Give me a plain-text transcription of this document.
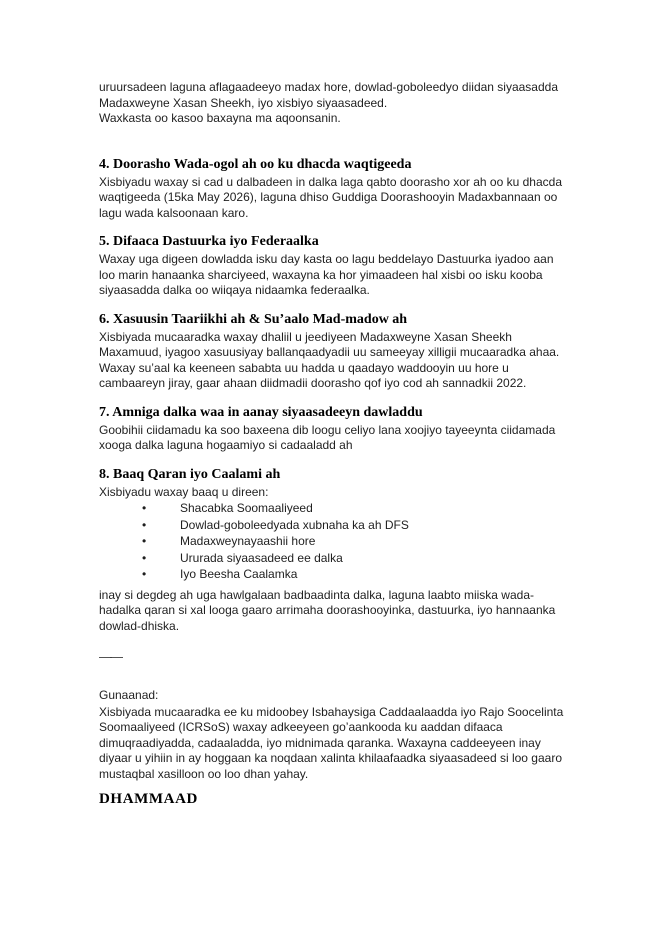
uruursadeen laguna aflagaadeeyo madax hore, dowlad-goboleedyo diidan siyaasadda Madaxweyne Xasan Sheekh, iyo xisbiyo siyaasadeed.

Waxkasta oo kasoo baxayna ma aqoonsanin.

4. Doorasho Wada-ogol ah oo ku dhacda waqtigeeda

Xisbiyadu waxay si cad u dalbadeen in dalka laga qabto doorasho xor ah oo ku dhacda waqtigeeda (15ka May 2026), laguna dhiso Guddiga Doorashooyin Madaxbannaan oo lagu wada kalsoonaan karo.

5. Difaaca Dastuurka iyo Federaalka

Waxay uga digeen dowladda isku day kasta oo lagu beddelayo Dastuurka iyadoo aan loo marin hanaanka sharciyeed, waxayna ka hor yimaadeen hal xisbi oo isku kooba siyaasadda dalka oo wiiqaya nidaamka federaalka.

6. Xasuusin Taariikhi ah & Su’aalo Mad-madow ah

Xisbiyada mucaaradka waxay dhaliil u jeediyeen Madaxweyne Xasan Sheekh Maxamuud, iyagoo xasuusiyay ballanqaadyadii uu sameeyay xilligii mucaaradka ahaa. Waxay su’aal ka keeneen sababta uu hadda u qaadayo waddooyin uu hore u cambaareyn jiray, gaar ahaan diidmadii doorasho qof iyo cod ah sannadkii 2022.

7. Amniga dalka waa in aanay siyaasadeeyn dawladdu

Goobihii ciidamadu ka soo baxeena dib loogu celiyo lana xoojiyo tayeeynta ciidamada xooga dalka laguna hogaamiyo si cadaaladd ah

8. Baaq Qaran iyo Caalami ah

Xisbiyadu waxay baaq u direen:

•	Shacabka Soomaaliyeed
•	Dowlad-goboleedyada xubnaha ka ah DFS
•	Madaxweynayaashii hore
•	Ururada siyaasadeed ee dalka
•	Iyo Beesha Caalamka

inay si degdeg ah uga hawlgalaan badbaadinta dalka, laguna laabto miiska wada-hadalka qaran si xal looga gaaro arrimaha doorashooyinka, dastuurka, iyo hannaanka dowlad-dhiska.

——

Gunaanad:

Xisbiyada mucaaradka ee ku midoobey Isbahaysiga Caddaalaadda iyo Rajo Soocelinta Soomaaliyeed (ICRSoS) waxay adkeeyeen go’aankooda ku aaddan difaaca dimuqraadiyadda, cadaaladda, iyo midnimada qaranka. Waxayna caddeeyeen inay diyaar u yihiin in ay hoggaan ka noqdaan xalinta khilaafaadka siyaasadeed si loo gaaro mustaqbal xasilloon oo loo dhan yahay.

DHAMMAAD
